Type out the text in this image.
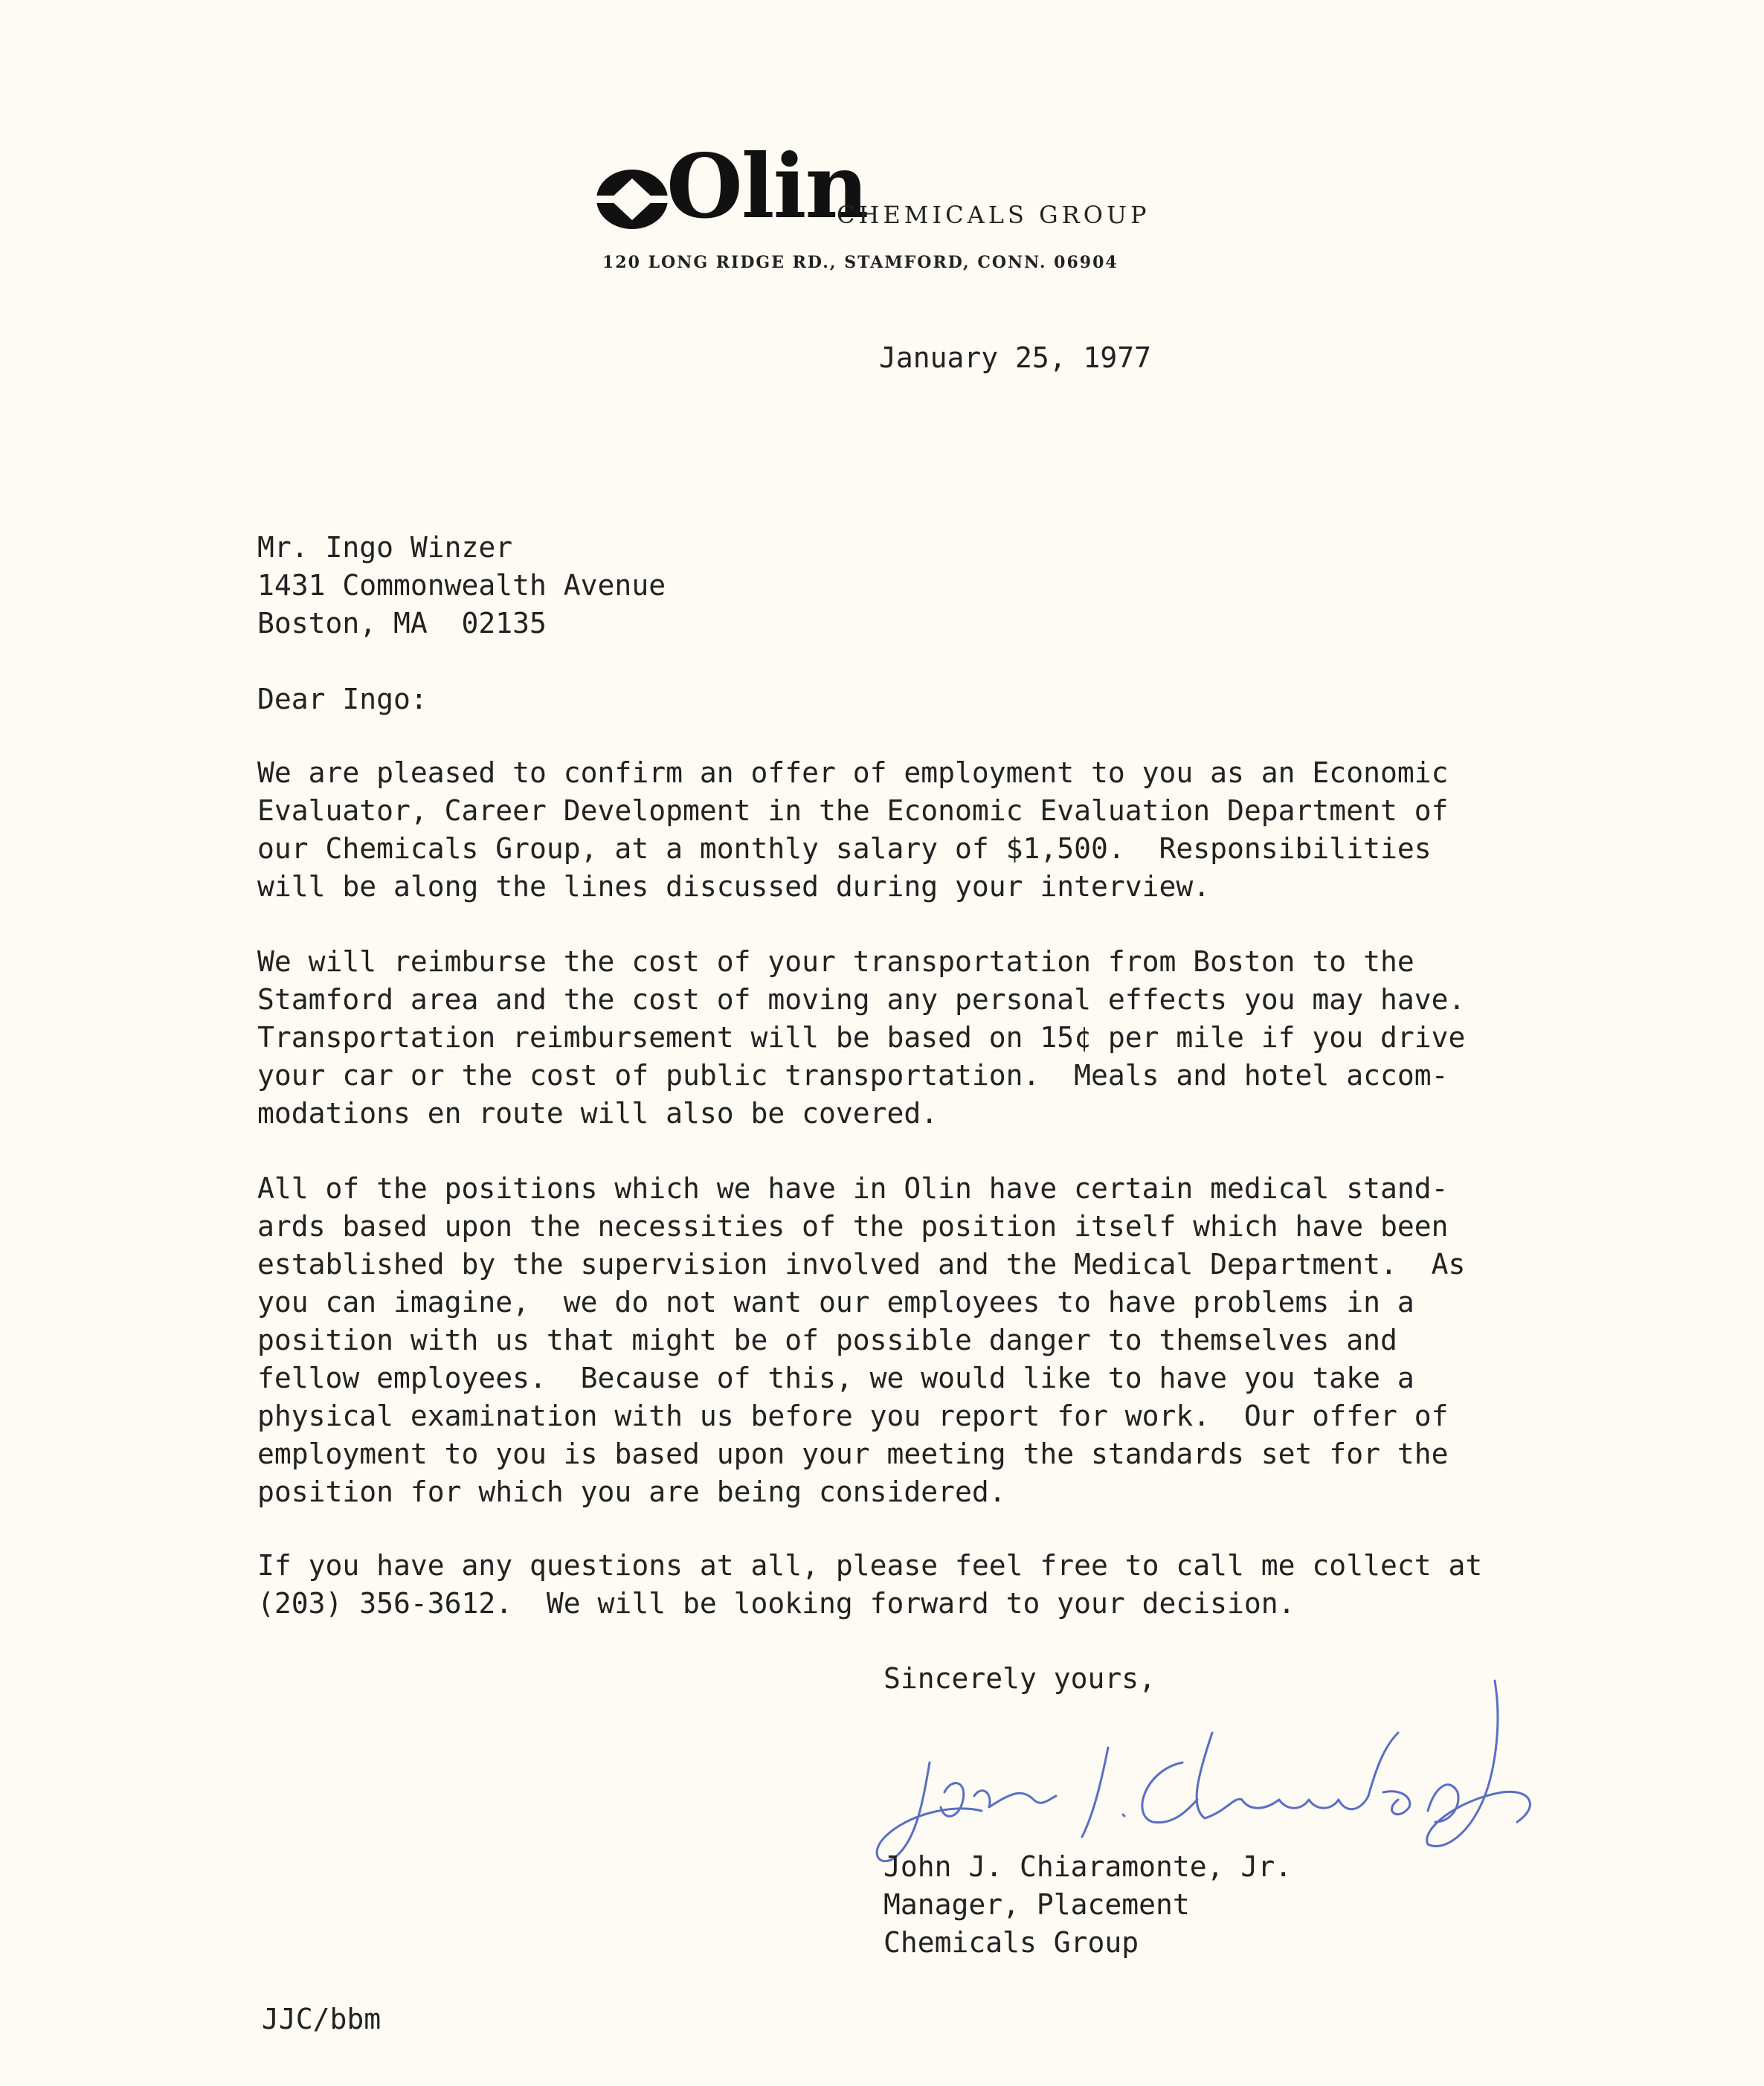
Olin
CHEMICALS GROUP
120 LONG RIDGE RD., STAMFORD, CONN. 06904
January 25, 1977
Mr. Ingo Winzer
1431 Commonwealth Avenue
Boston, MA  02135
Dear Ingo:
We are pleased to confirm an offer of employment to you as an Economic
Evaluator, Career Development in the Economic Evaluation Department of
our Chemicals Group, at a monthly salary of $1,500.  Responsibilities
will be along the lines discussed during your interview.
We will reimburse the cost of your transportation from Boston to the
Stamford area and the cost of moving any personal effects you may have.
Transportation reimbursement will be based on 15¢ per mile if you drive
your car or the cost of public transportation.  Meals and hotel accom-
modations en route will also be covered.
All of the positions which we have in Olin have certain medical stand-
ards based upon the necessities of the position itself which have been
established by the supervision involved and the Medical Department.  As
you can imagine,  we do not want our employees to have problems in a
position with us that might be of possible danger to themselves and
fellow employees.  Because of this, we would like to have you take a
physical examination with us before you report for work.  Our offer of
employment to you is based upon your meeting the standards set for the
position for which you are being considered.
If you have any questions at all, please feel free to call me collect at
(203) 356-3612.  We will be looking forward to your decision.
Sincerely yours,
John J. Chiaramonte, Jr.
Manager, Placement
Chemicals Group
JJC/bbm
